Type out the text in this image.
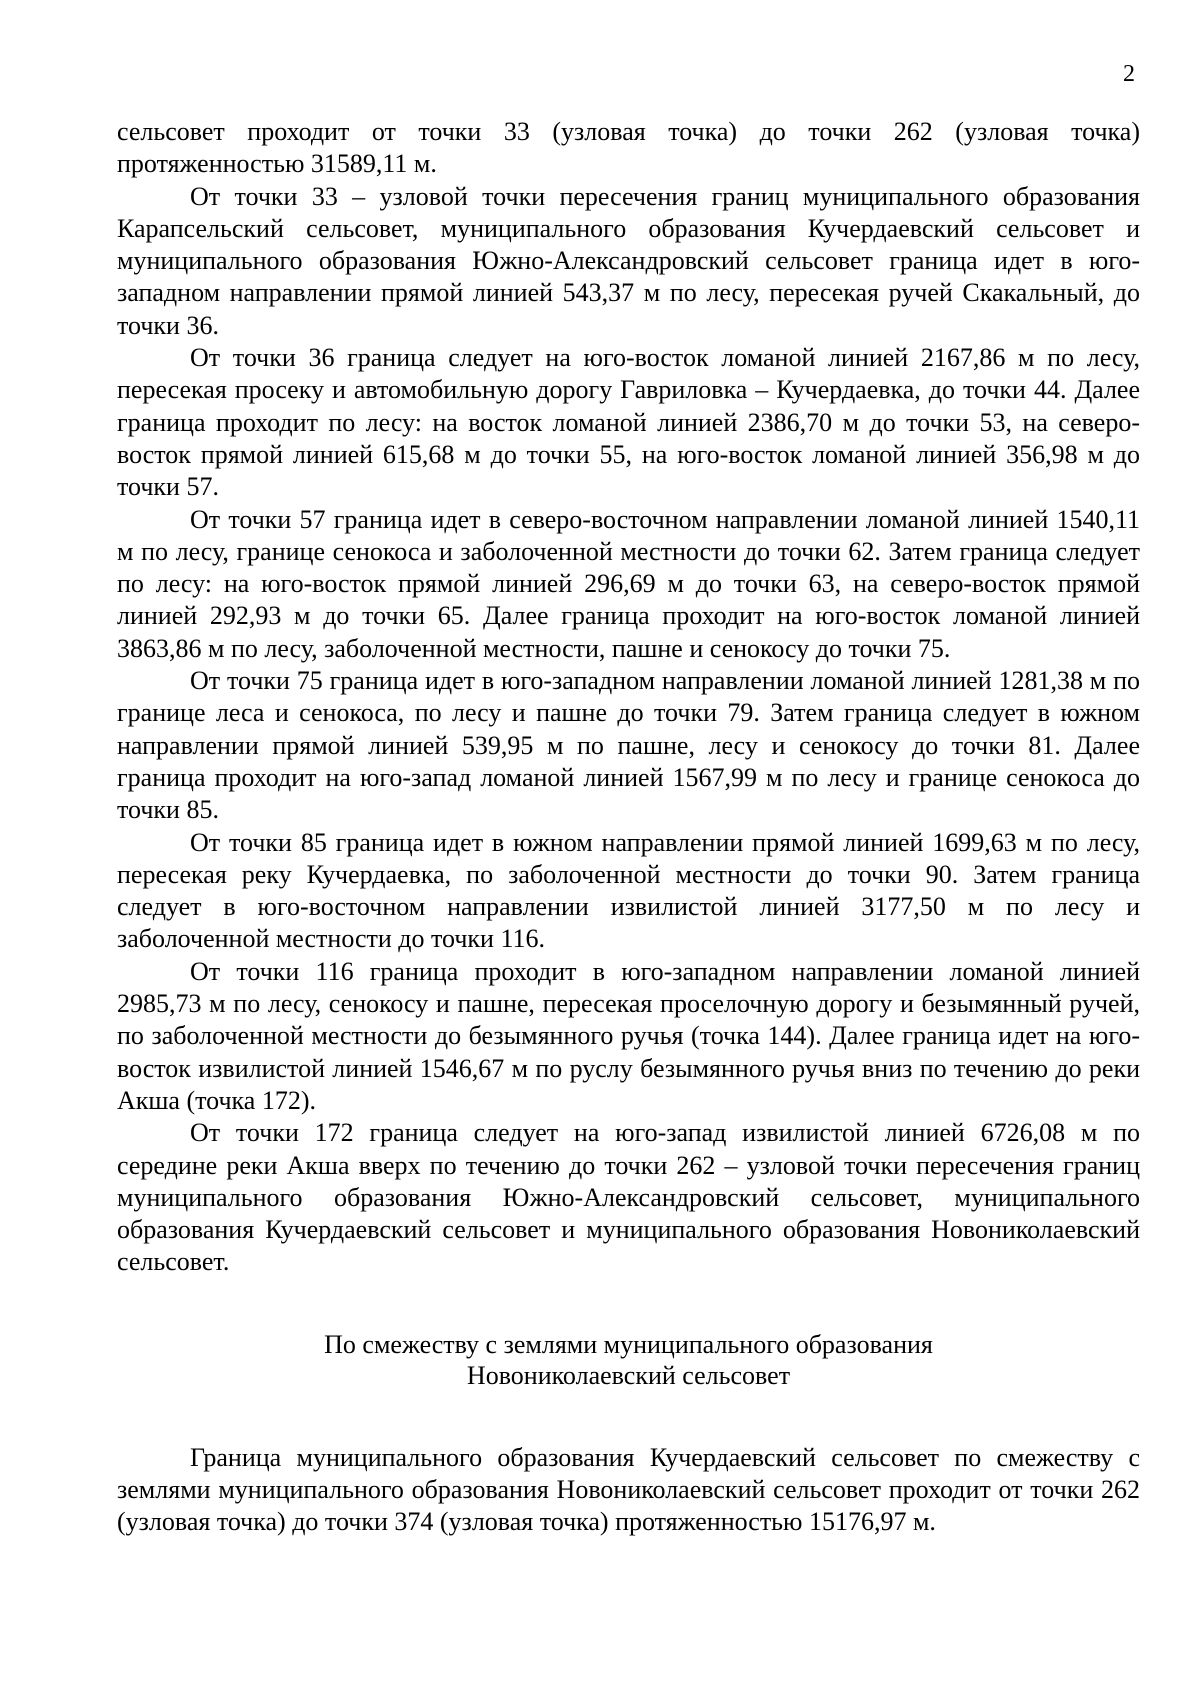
2

сельсовет проходит от точки 33 (узловая точка) до точки 262 (узловая точка) протяженностью 31589,11 м.

От точки 33 – узловой точки пересечения границ муниципального образования Карапсельский сельсовет, муниципального образования Кучердаевский сельсовет и муниципального образования Южно-Александровский сельсовет граница идет в юго-западном направлении прямой линией 543,37 м по лесу, пересекая ручей Скакальный, до точки 36.

От точки 36 граница следует на юго-восток ломаной линией 2167,86 м по лесу, пересекая просеку и автомобильную дорогу Гавриловка – Кучердаевка, до точки 44. Далее граница проходит по лесу: на восток ломаной линией 2386,70 м до точки 53, на северо-восток прямой линией 615,68 м до точки 55, на юго-восток ломаной линией 356,98 м до точки 57.

От точки 57 граница идет в северо-восточном направлении ломаной линией 1540,11 м по лесу, границе сенокоса и заболоченной местности до точки 62. Затем граница следует по лесу: на юго-восток прямой линией 296,69 м до точки 63, на северо-восток прямой линией 292,93 м до точки 65. Далее граница проходит на юго-восток ломаной линией 3863,86 м по лесу, заболоченной местности, пашне и сенокосу до точки 75.

От точки 75 граница идет в юго-западном направлении ломаной линией 1281,38 м по границе леса и сенокоса, по лесу и пашне до точки 79. Затем граница следует в южном направлении прямой линией 539,95 м по пашне, лесу и сенокосу до точки 81. Далее граница проходит на юго-запад ломаной линией 1567,99 м по лесу и границе сенокоса до точки 85.

От точки 85 граница идет в южном направлении прямой линией 1699,63 м по лесу, пересекая реку Кучердаевка, по заболоченной местности до точки 90. Затем граница следует в юго-восточном направлении извилистой линией 3177,50 м по лесу и заболоченной местности до точки 116.

От точки 116 граница проходит в юго-западном направлении ломаной линией 2985,73 м по лесу, сенокосу и пашне, пересекая проселочную дорогу и безымянный ручей, по заболоченной местности до безымянного ручья (точка 144). Далее граница идет на юго-восток извилистой линией 1546,67 м по руслу безымянного ручья вниз по течению до реки Акша (точка 172).

От точки 172 граница следует на юго-запад извилистой линией 6726,08 м по середине реки Акша вверх по течению до точки 262 – узловой точки пересечения границ муниципального образования Южно-Александровский сельсовет, муниципального образования Кучердаевский сельсовет и муниципального образования Новониколаевский сельсовет.

По смежеству с землями муниципального образования
Новониколаевский сельсовет

Граница муниципального образования Кучердаевский сельсовет по смежеству с землями муниципального образования Новониколаевский сельсовет проходит от точки 262 (узловая точка) до точки 374 (узловая точка) протяженностью 15176,97 м.
